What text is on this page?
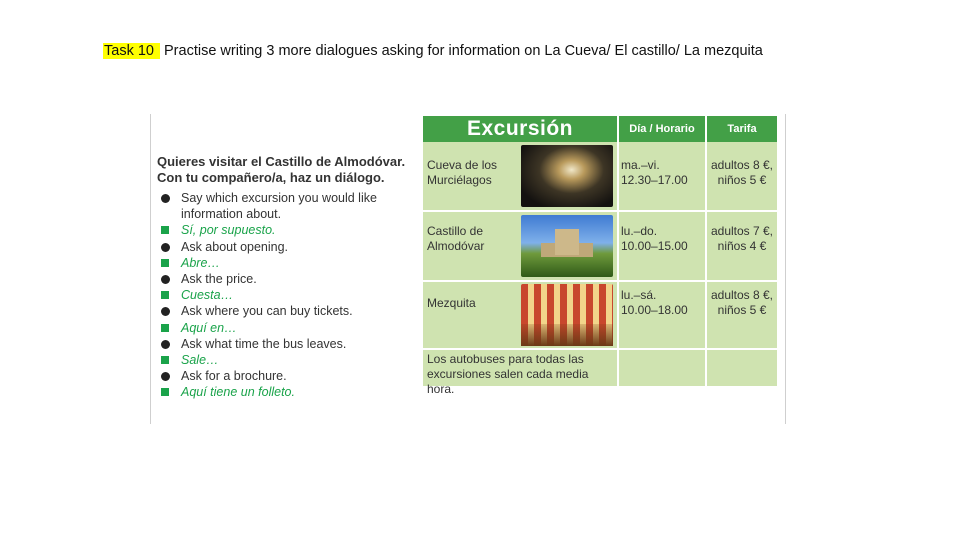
Task 10 Practise writing 3 more dialogues asking for information on La Cueva/ El castillo/ La mezquita

Quieres visitar el Castillo de Almodóvar.
Con tu compañero/a, haz un diálogo.

Say which excursion you would like information about.
Sí, por supuesto.
Ask about opening.
Abre…
Ask the price.
Cuesta…
Ask where you can buy tickets.
Aquí en…
Ask what time the bus leaves.
Sale…
Ask for a brochure.
Aquí tiene un folleto.
Excursión	Día / Horario	Tarifa
Cueva de los Murciélagos
ma.–vi.
12.30–17.00
adultos 8 €,
niños 5 €
Castillo de Almodóvar
lu.–do.
10.00–15.00
adultos 7 €,
niños 4 €
Mezquita
lu.–sá.
10.00–18.00
adultos 8 €,
niños 5 €
Los autobuses para todas las excursiones salen cada media hora.
